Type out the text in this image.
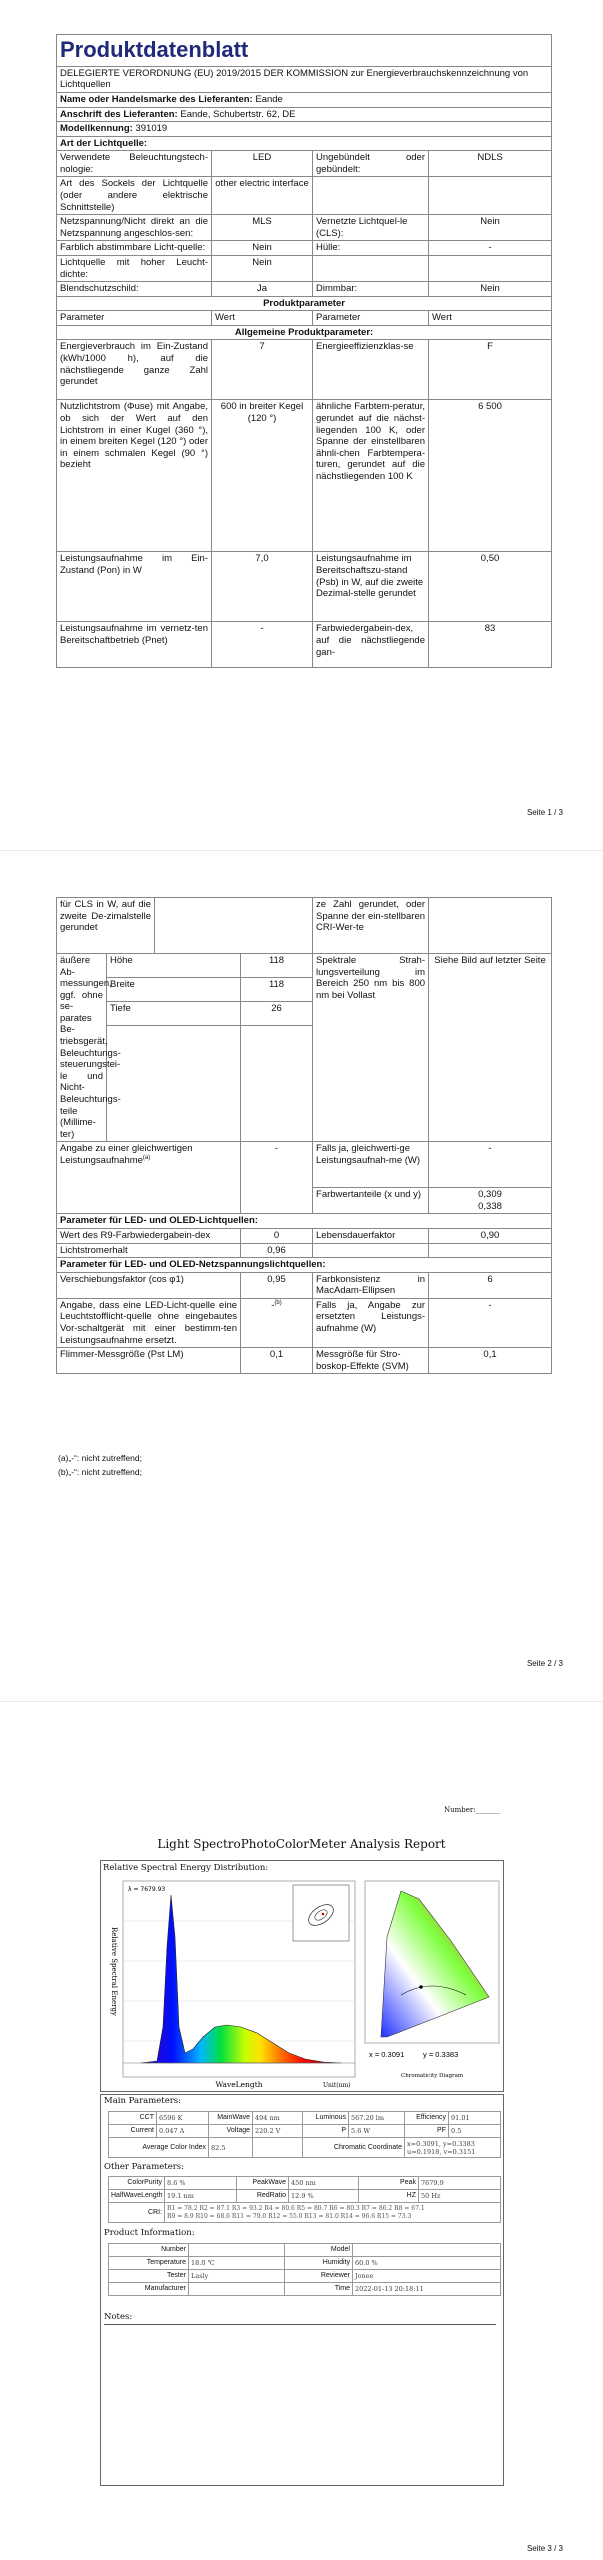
Produktdatenblatt			
DELEGIERTE VERORDNUNG (EU) 2019/2015 DER KOMMISSION zur Energieverbrauchskennzeichnung von Lichtquellen			
Name oder Handelsmarke des Lieferanten: Eande			
Anschrift des Lieferanten: Eande, Schubertstr. 62, DE			
Modellkennung: 391019			
Art der Lichtquelle:			
Verwendete Beleuchtungstech-nologie:	LED	Ungebündelt oder gebündelt:	NDLS
Art des Sockels der Lichtquelle (oder andere elektrische Schnittstelle)	other electric interface		
Netzspannung/Nicht direkt an die Netzspannung angeschlos-sen:	MLS	Vernetzte Lichtquel-le (CLS):	Nein
Farblich abstimmbare Licht-quelle:	Nein	Hülle:	-
Lichtquelle mit hoher Leucht-dichte:	Nein		
Blendschutzschild:	Ja	Dimmbar:	Nein
Produktparameter			
Parameter	Wert	Parameter	Wert
Allgemeine Produktparameter:			
Energieverbrauch im Ein-Zustand (kWh/1000 h), auf die nächstliegende ganze Zahl gerundet	7	Energieeffizienzklas-se	F
Nutzlichtstrom (Φuse) mit Angabe, ob sich der Wert auf den Lichtstrom in einer Kugel (360 °), in einem breiten Kegel (120 °) oder in einem schmalen Kegel (90 °) bezieht	600 in breiter Kegel (120 °)	ähnliche Farbtem-peratur, gerundet auf die nächst-liegenden 100 K, oder Spanne der einstellbaren ähnli-chen Farbtempera-turen, gerundet auf die nächstliegenden 100 K	6 500
Leistungsaufnahme im Ein-Zustand (Pon) in W	7,0	Leistungsaufnahme im Bereitschaftszu-stand (Psb) in W, auf die zweite Dezimal-stelle gerundet	0,50
Leistungsaufnahme im vernetz-ten Bereitschaftbetrieb (Pnet)	-	Farbwiedergabein-dex, auf die nächstliegende gan-	83
Seite 1 / 3
für CLS in W, auf die zweite De-zimalstelle gerundet				ze Zahl gerundet, oder Spanne der ein-stellbaren CRI-Wer-te	
äußere Ab-messungen, ggf. ohne se-parates Be-triebsgerät, Beleuchtungs-steuerungstei-le und Nicht-Beleuchtungs-teile (Millime-ter)	Höhe		118	Spektrale Strah-lungsverteilung im Bereich 250 nm bis 800 nm bei Vollast	Siehe Bild auf letzter Seite
	Breite		118		
	Tiefe		26		

Angabe zu einer gleichwertigen Leistungsaufnahme$^{(a)}$			-	Falls ja, gleichwerti-ge Leistungsaufnah-me (W)	-
				Farbwertanteile (x und y)	0,309
0,338

Parameter für LED- und OLED-Lichtquellen:					
Wert des R9-Farbwiedergabein-dex			0	Lebensdauerfaktor	0,90
Lichtstromerhalt			0,96		
Parameter für LED- und OLED-Netzspannungslichtquellen:					
Verschiebungsfaktor (cos φ1)			0,95	Farbkonsistenz in MacAdam-Ellipsen	6
Angabe, dass eine LED-Licht-quelle eine Leuchtstofflicht-quelle ohne eingebautes Vor-schaltgerät mit einer bestimm-ten Leistungsaufnahme ersetzt.			-$^{(b)}$	Falls ja, Angabe zur ersetzten Leistungs-aufnahme (W)	-
Flimmer-Messgröße (Pst LM)			0,1	Messgröße für Stro-boskop-Effekte (SVM)	0,1
(a)„-“: nicht zutreffend;
(b)„-“: nicht zutreffend;
Seite 2 / 3
Number:_______
Light SpectroPhotoColorMeter Analysis Report
Relative Spectral Energy Distribution:
λ = 7679.93
Relative Spectral Energy
WaveLength	Unit(nm)
x = 0.3091	y = 0.3383
Chromaticity Diagram
Main Parameters:
CCT	6596 K	MainWave	494 nm	Luminous	567.20 lm	Efficiency	91.01
Current	0.047 A	Voltage	220.2 V	P	5.6 W	PF	0.5
Average Color Index		82.5		Chromatic Coordinate		x=0.3091, y=0.3383
u=0.1918, v=0.3151	
Other Parameters:
ColorPurity	8.6 %	PeakWave	450 nm	Peak	7679.9
HalfWaveLength	19.1 nm	RedRatio	12.9 %	HZ	50 Hz
CRI:	R1 = 78.2 R2 = 87.1 R3 = 93.2 R4 = 80.6 R5 = 80.7 R6 = 80.3 R7 = 86.2 R8 = 67.1
R9 = 8.9 R10 = 68.6 R11 = 79.0 R12 = 55.0 R13 = 81.0 R14 = 96.6 R15 = 73.3				
Product Information:
Number		Model	
Temperature	18.0 ℃	Humidity	60.0 %
Tester	Lasly	Reviewer	Jonee
Manufacturer		Time	2022-01-13 20:18:11
Notes:
Seite 3 / 3
